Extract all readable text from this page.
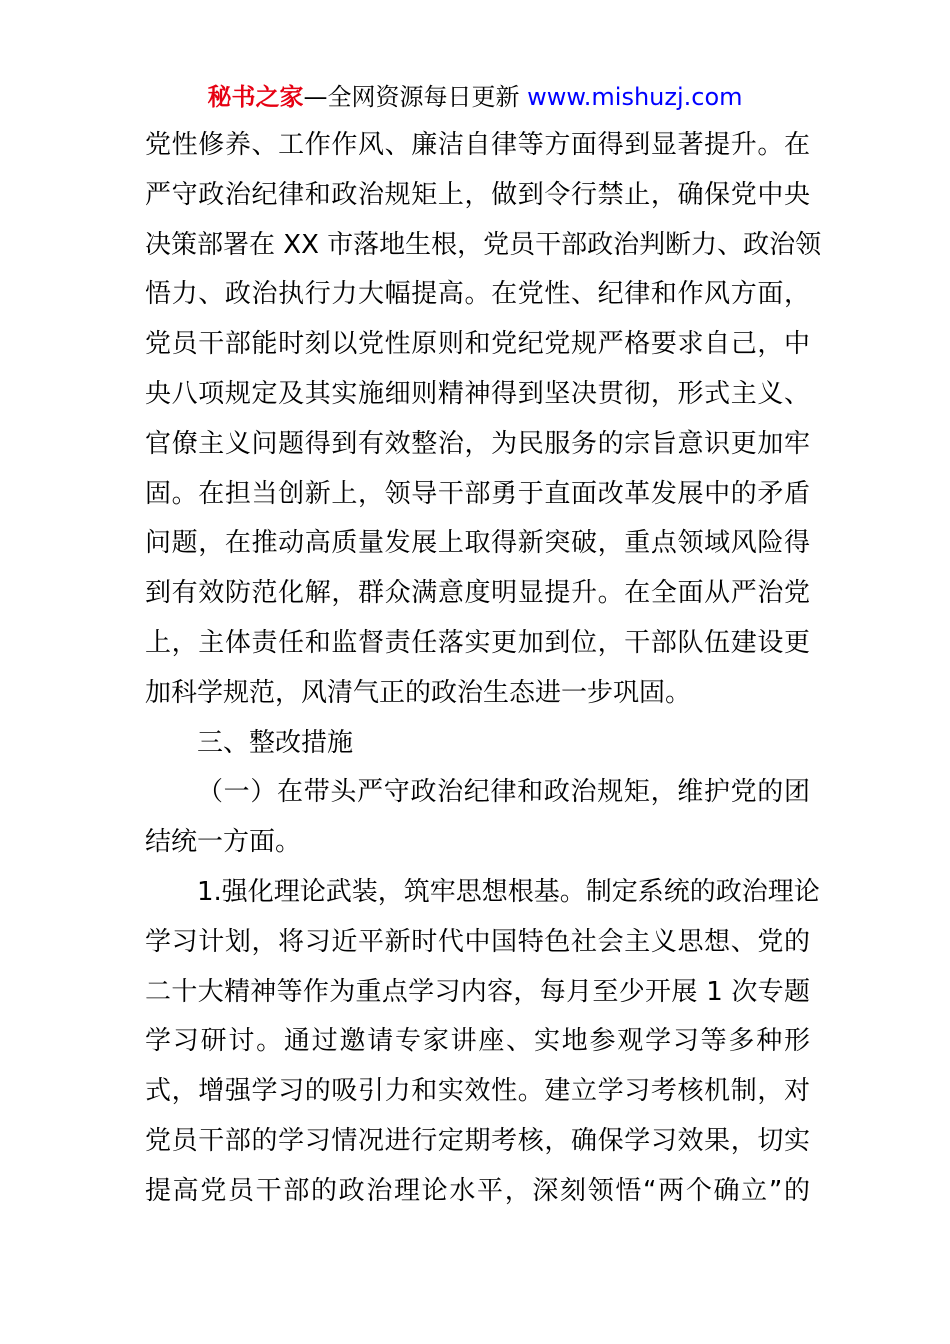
秘书之家—全网资源每日更新 www.mishuzj.com
党性修养、工作作风、廉洁自律等方面得到显著提升。在
严守政治纪律和政治规矩上，做到令行禁止，确保党中央
决策部署在 XX 市落地生根，党员干部政治判断力、政治领
悟力、政治执行力大幅提高。在党性、纪律和作风方面，
党员干部能时刻以党性原则和党纪党规严格要求自己，中
央八项规定及其实施细则精神得到坚决贯彻，形式主义、
官僚主义问题得到有效整治，为民服务的宗旨意识更加牢
固。在担当创新上，领导干部勇于直面改革发展中的矛盾
问题，在推动高质量发展上取得新突破，重点领域风险得
到有效防范化解，群众满意度明显提升。在全面从严治党
上，主体责任和监督责任落实更加到位，干部队伍建设更
加科学规范，风清气正的政治生态进一步巩固。
三、整改措施
（一）在带头严守政治纪律和政治规矩，维护党的团
结统一方面。
1.强化理论武装，筑牢思想根基。制定系统的政治理论
学习计划，将习近平新时代中国特色社会主义思想、党的
二十大精神等作为重点学习内容，每月至少开展 1 次专题
学习研讨。通过邀请专家讲座、实地参观学习等多种形
式，增强学习的吸引力和实效性。建立学习考核机制，对
党员干部的学习情况进行定期考核，确保学习效果，切实
提高党员干部的政治理论水平，深刻领悟“两个确立”的
